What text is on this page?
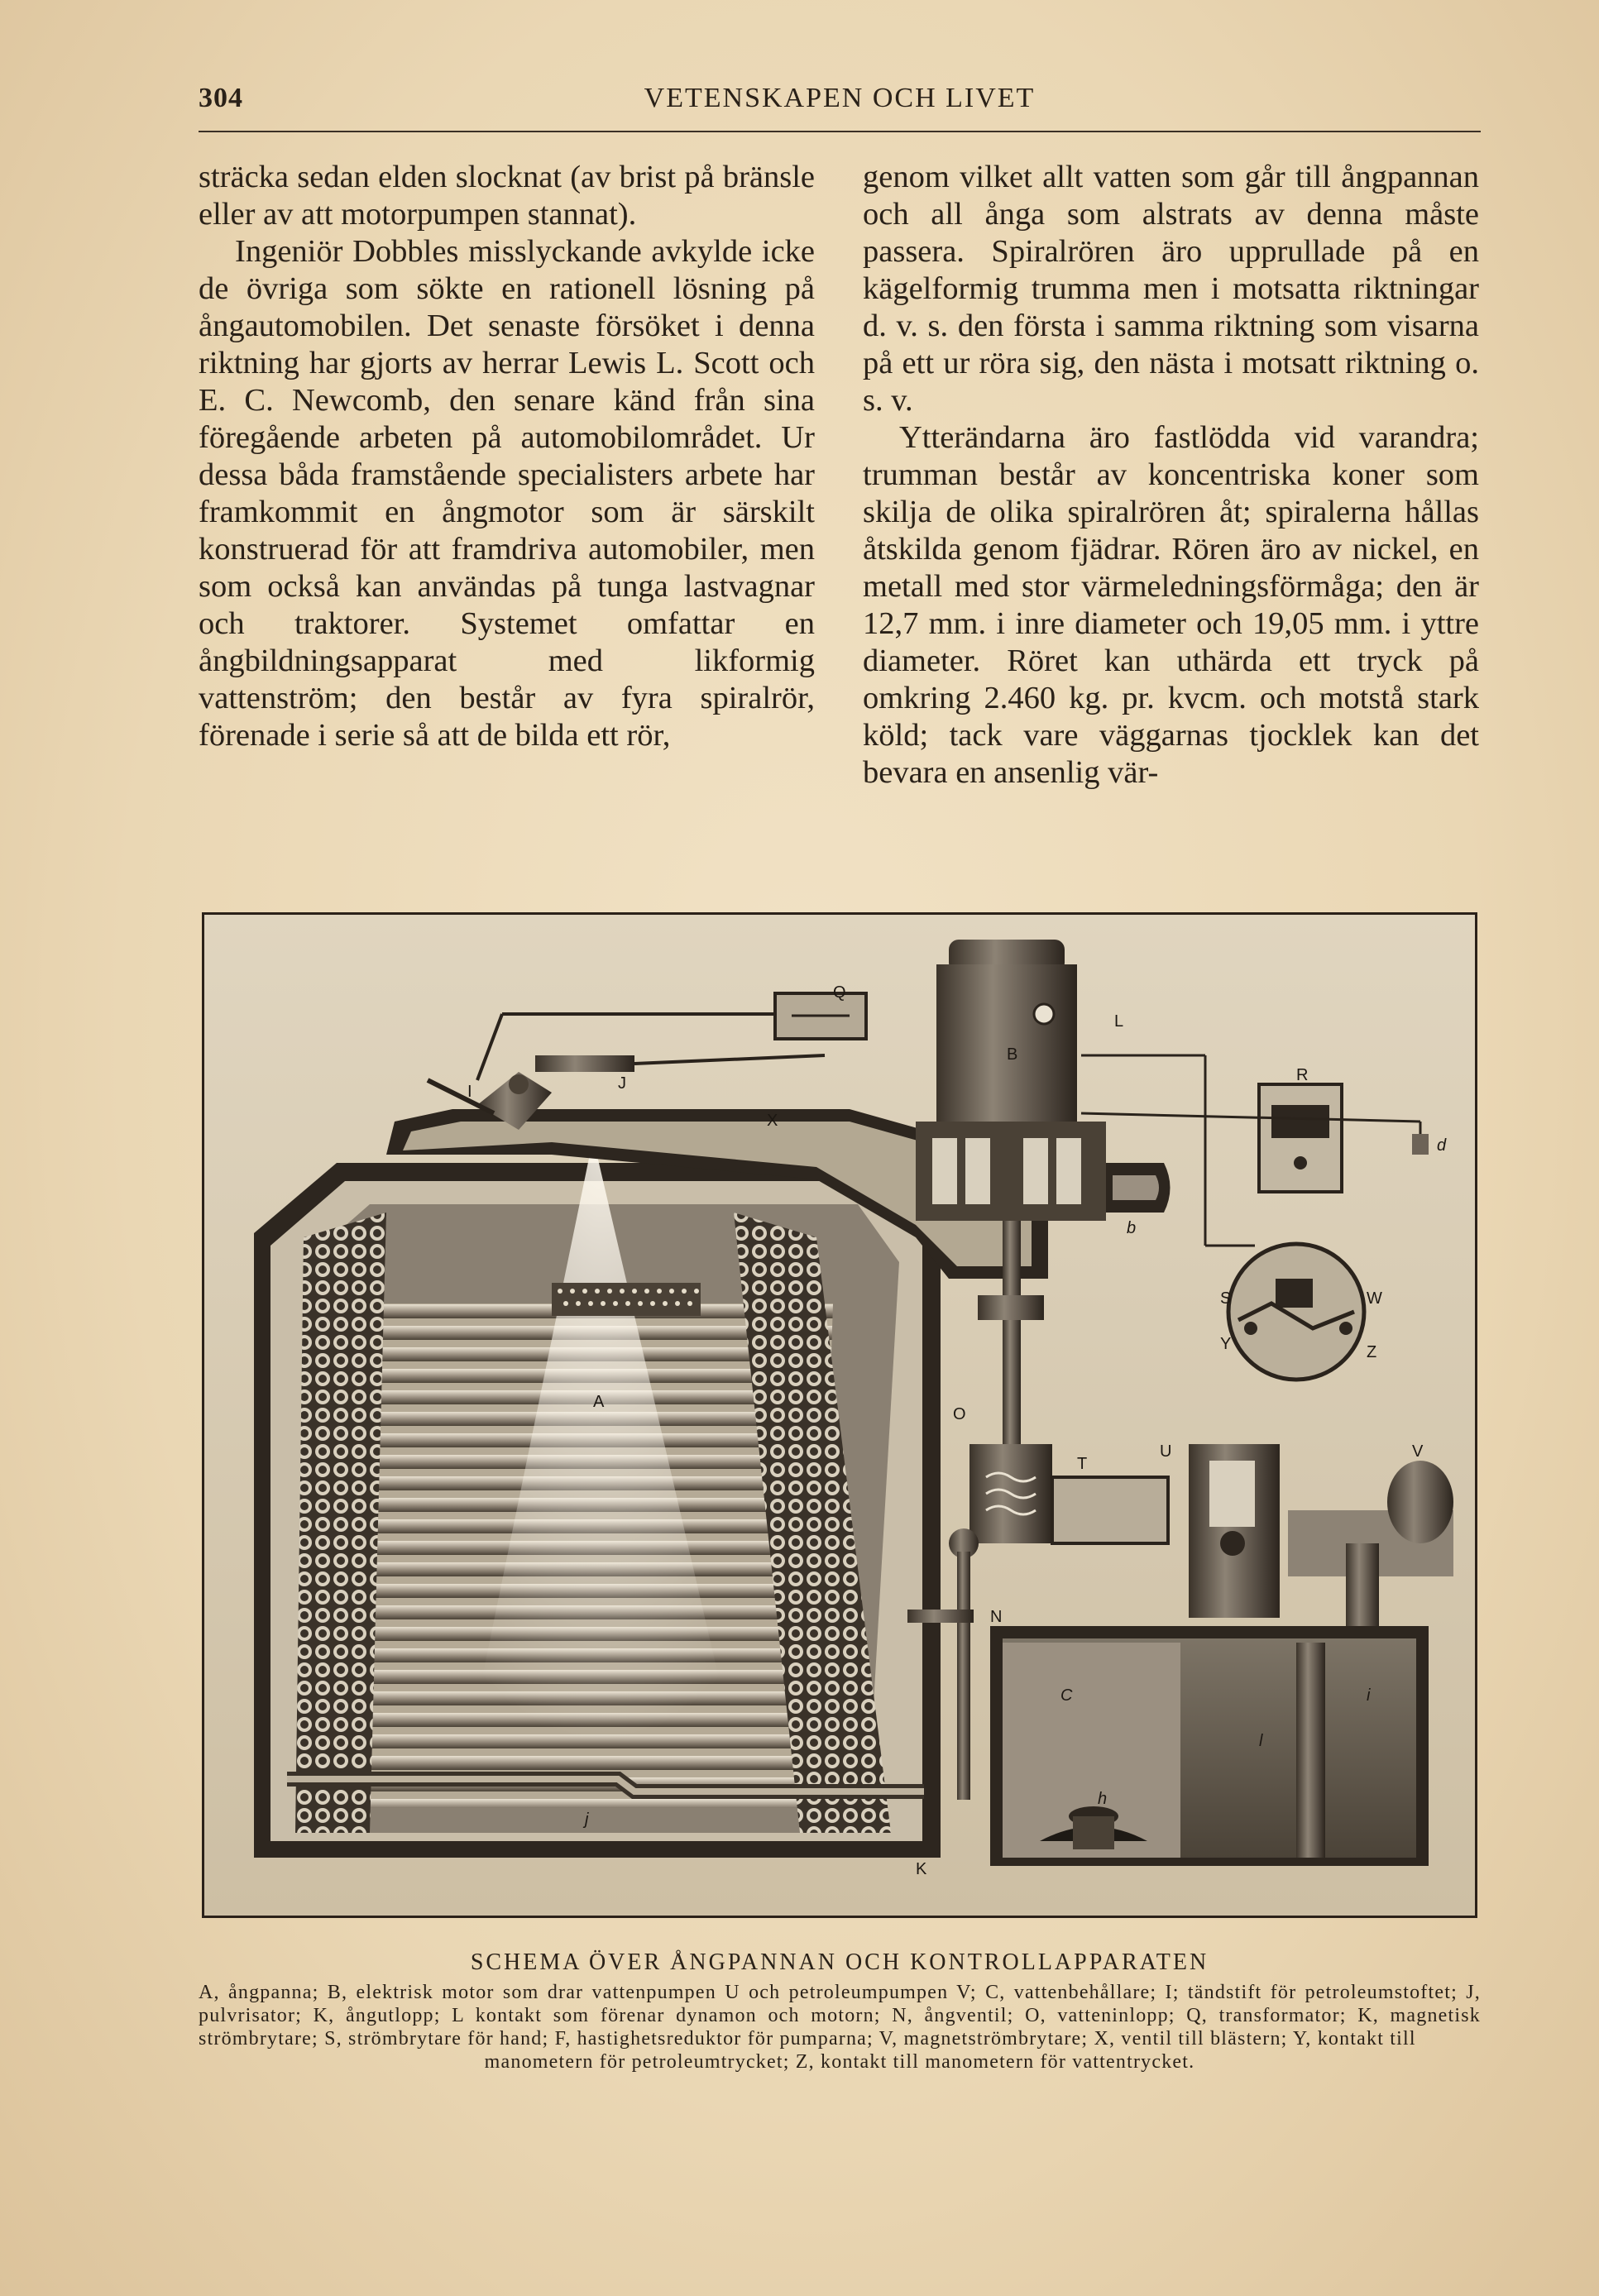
304	VETENSKAPEN OCH LIVET

sträcka sedan elden slocknat (av brist på bränsle eller av att motorpumpen stannat).

Ingeniör Dobbles misslyckande avkylde icke de övriga som sökte en rationell lösning på ångautomobilen. Det senaste försöket i denna riktning har gjorts av herrar Lewis L. Scott och E. C. Newcomb, den senare känd från sina föregående arbeten på automobilområdet. Ur dessa båda framstående specialisters arbete har framkommit en ångmotor som är särskilt konstruerad för att framdriva automobiler, men som också kan användas på tunga lastvagnar och traktorer. Systemet omfattar en ångbildningsapparat med likformig vattenström; den består av fyra spiralrör, förenade i serie så att de bilda ett rör,

genom vilket allt vatten som går till ångpannan och all ånga som alstrats av denna måste passera. Spiralrören äro upprullade på en kägelformig trumma men i motsatta riktningar d. v. s. den första i samma riktning som visarna på ett ur röra sig, den nästa i motsatt riktning o. s. v.

Ytterändarna äro fastlödda vid varandra; trumman består av koncentriska koner som skilja de olika spiralrören åt; spiralerna hållas åtskilda genom fjädrar. Rören äro av nickel, en metall med stor värmeledningsförmåga; den är 12,7 mm. i inre diameter och 19,05 mm. i yttre diameter. Röret kan uthärda ett tryck på omkring 2.460 kg. pr. kvcm. och motstå stark köld; tack vare väggarnas tjocklek kan det bevara en ansenlig vär-

I	J
Q
X
B
L
R
d
b
S	W
Y	Z
A
O
T
U	V
N
C	i
l
h
j
K
SCHEMA ÖVER ÅNGPANNAN OCH KONTROLLAPPARATEN
A, ångpanna; B, elektrisk motor som drar vattenpumpen U och petroleumpumpen V; C, vattenbehållare; I; tändstift för petroleumstoftet; J, pulvrisator; K, ångutlopp; L kontakt som förenar dynamon och motorn; N, ångventil; O, vatteninlopp; Q, transformator; K, magnetisk strömbrytare; S, strömbrytare för hand; F, hastighetsreduktor för pumparna; V, magnetströmbrytare; X, ventil till blästern; Y, kontakt till
manometern för petroleumtrycket; Z, kontakt till manometern för vattentrycket.
